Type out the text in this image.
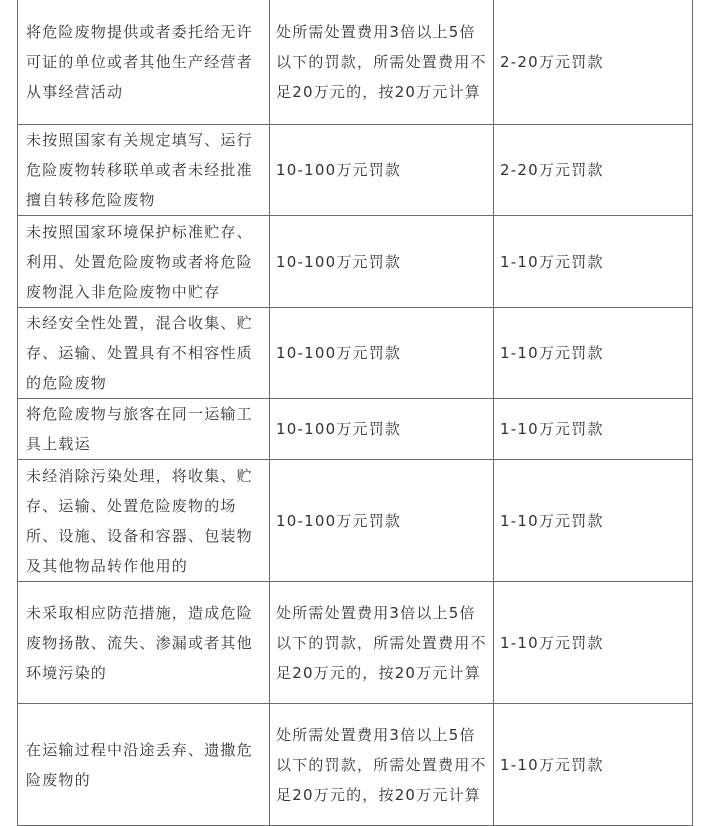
将危险废物提供或者委托给无许可证的单位或者其他生产经营者从事经营活动	处所需处置费用3倍以上5倍以下的罚款，所需处置费用不足20万元的，按20万元计算	2-20万元罚款
未按照国家有关规定填写、运行危险废物转移联单或者未经批准擅自转移危险废物	10-100万元罚款	2-20万元罚款
未按照国家环境保护标准贮存、利用、处置危险废物或者将危险废物混入非危险废物中贮存	10-100万元罚款	1-10万元罚款
未经安全性处置，混合收集、贮存、运输、处置具有不相容性质的危险废物	10-100万元罚款	1-10万元罚款
将危险废物与旅客在同一运输工具上载运	10-100万元罚款	1-10万元罚款
未经消除污染处理，将收集、贮存、运输、处置危险废物的场所、设施、设备和容器、包装物及其他物品转作他用的	10-100万元罚款	1-10万元罚款
未采取相应防范措施，造成危险废物扬散、流失、渗漏或者其他环境污染的	处所需处置费用3倍以上5倍以下的罚款，所需处置费用不足20万元的，按20万元计算	1-10万元罚款
在运输过程中沿途丢弃、遗撒危险废物的	处所需处置费用3倍以上5倍以下的罚款，所需处置费用不足20万元的，按20万元计算	1-10万元罚款
